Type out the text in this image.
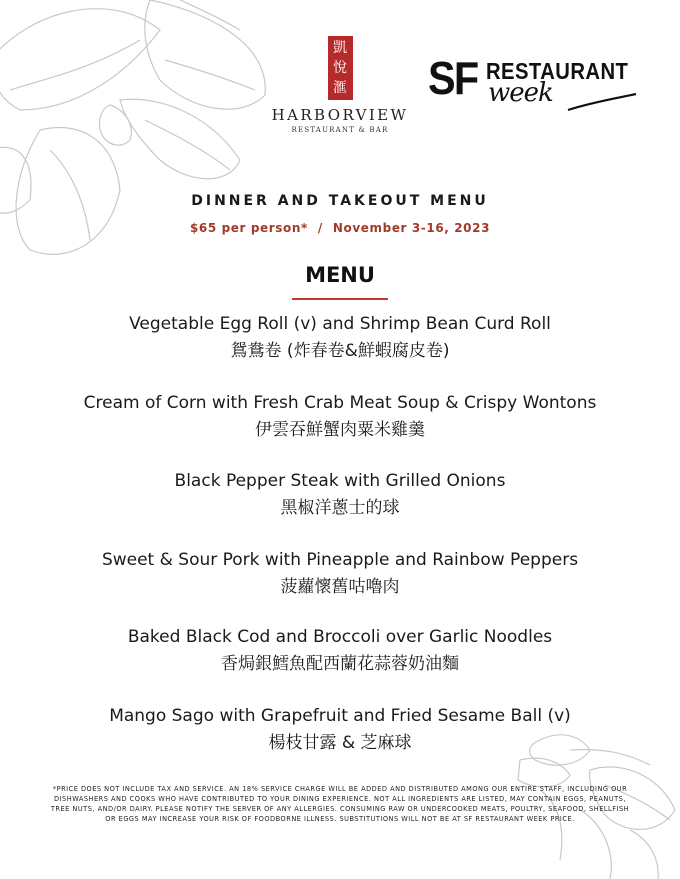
凱
悅
滙
HARBORVIEW
RESTAURANT & BAR
SF RESTAURANT
week
DINNER AND TAKEOUT MENU
$65 per person* / November 3-16, 2023
MENU
Vegetable Egg Roll (v) and Shrimp Bean Curd Roll
鴛鴦卷 (炸春卷&鮮蝦腐皮卷)
Cream of Corn with Fresh Crab Meat Soup & Crispy Wontons
伊雲吞鮮蟹肉粟米雞羹
Black Pepper Steak with Grilled Onions
黑椒洋蔥士的球
Sweet & Sour Pork with Pineapple and Rainbow Peppers
菠蘿懷舊咕嚕肉
Baked Black Cod and Broccoli over Garlic Noodles
香焗銀鱈魚配西蘭花蒜蓉奶油麵
Mango Sago with Grapefruit and Fried Sesame Ball (v)
楊枝甘露 & 芝麻球
*PRICE DOES NOT INCLUDE TAX AND SERVICE. AN 18% SERVICE CHARGE WILL BE ADDED AND DISTRIBUTED AMONG OUR ENTIRE STAFF, INCLUDING OUR DISHWASHERS AND COOKS WHO HAVE CONTRIBUTED TO YOUR DINING EXPERIENCE. NOT ALL INGREDIENTS ARE LISTED, MAY CONTAIN EGGS, PEANUTS, TREE NUTS, AND/OR DAIRY. PLEASE NOTIFY THE SERVER OF ANY ALLERGIES. CONSUMING RAW OR UNDERCOOKED MEATS, POULTRY, SEAFOOD, SHELLFISH OR EGGS MAY INCREASE YOUR RISK OF FOODBORNE ILLNESS. SUBSTITUTIONS WILL NOT BE AT SF RESTAURANT WEEK PRICE.
